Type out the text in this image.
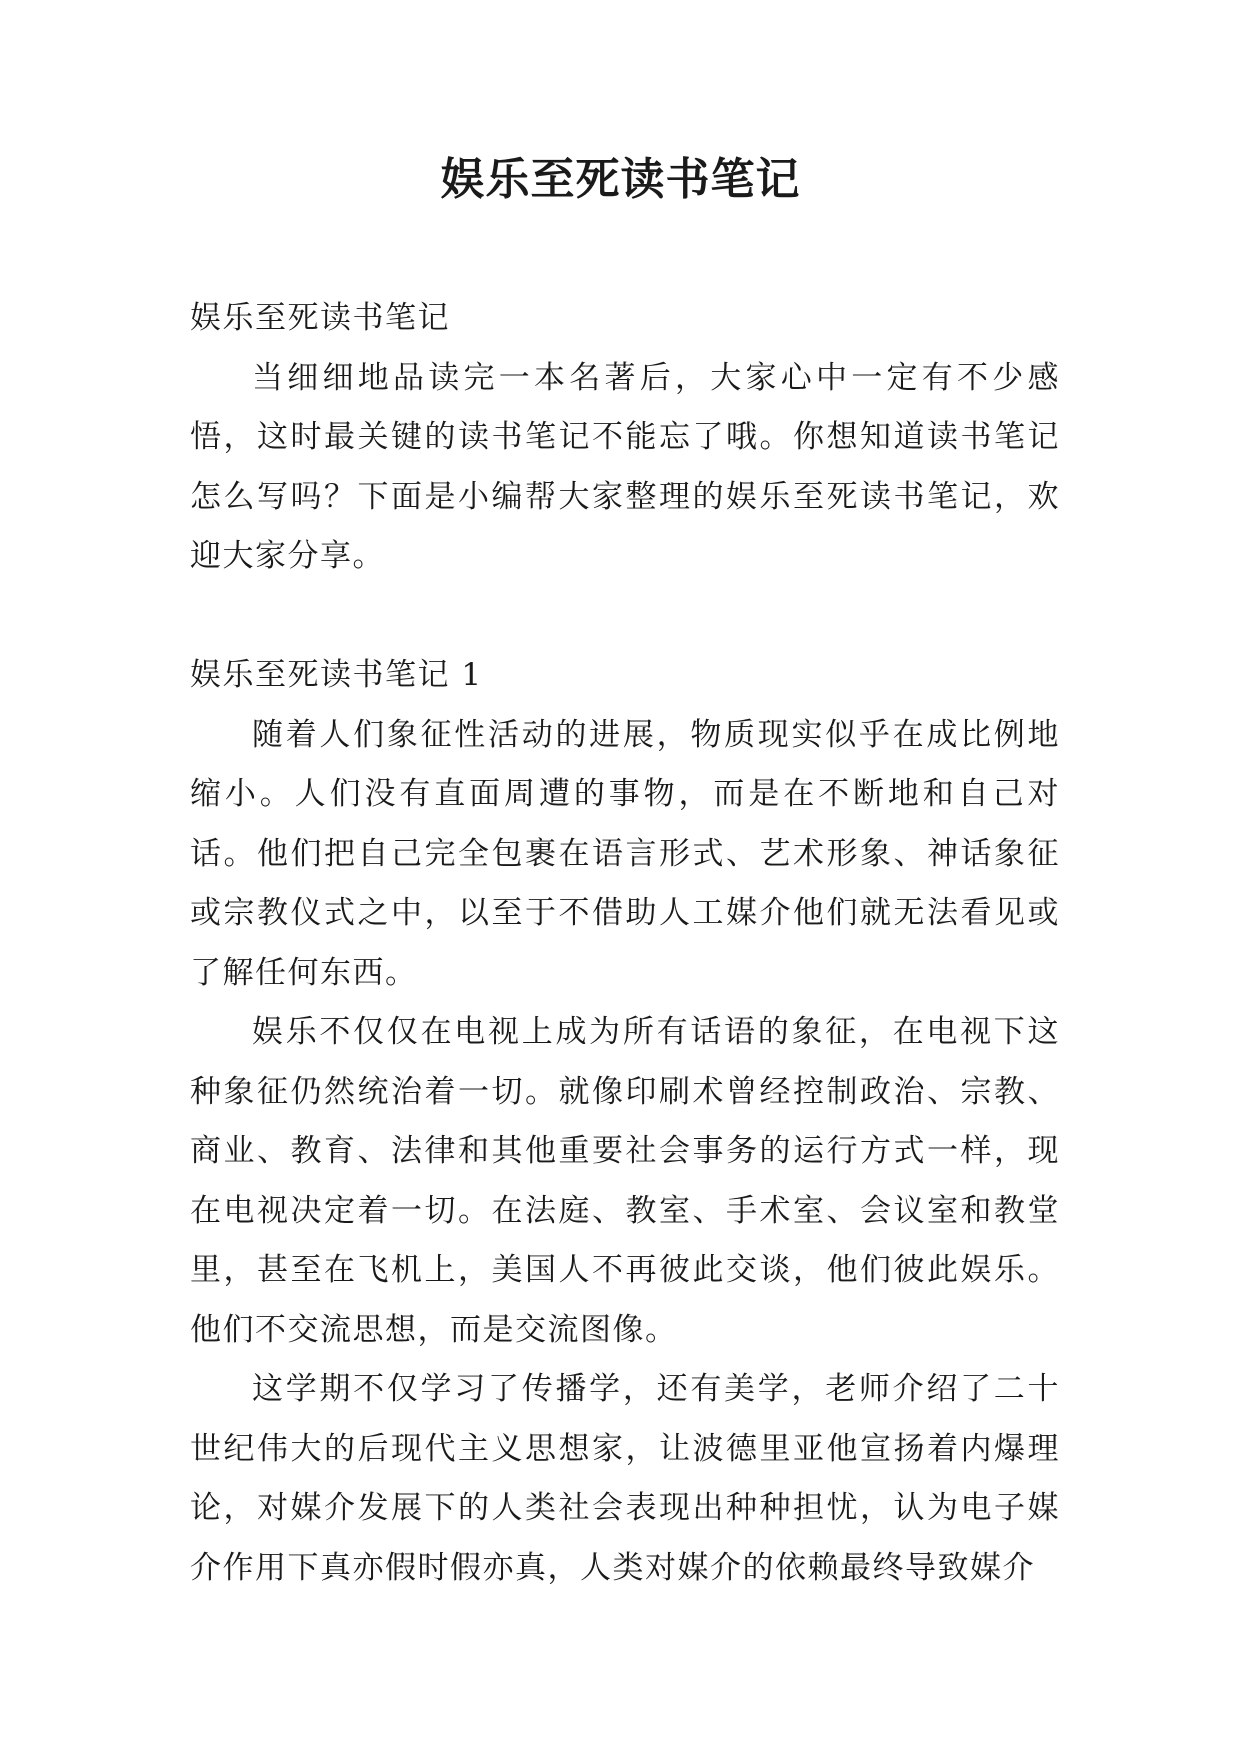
娱乐至死读书笔记

娱乐至死读书笔记

当细细地品读完一本名著后，大家心中一定有不少感悟，这时最关键的读书笔记不能忘了哦。你想知道读书笔记怎么写吗？下面是小编帮大家整理的娱乐至死读书笔记，欢迎大家分享。

娱乐至死读书笔记 1

随着人们象征性活动的进展，物质现实似乎在成比例地缩小。人们没有直面周遭的事物，而是在不断地和自己对话。他们把自己完全包裹在语言形式、艺术形象、神话象征或宗教仪式之中，以至于不借助人工媒介他们就无法看见或了解任何东西。

娱乐不仅仅在电视上成为所有话语的象征，在电视下这种象征仍然统治着一切。就像印刷术曾经控制政治、宗教、商业、教育、法律和其他重要社会事务的运行方式一样，现在电视决定着一切。在法庭、教室、手术室、会议室和教堂里，甚至在飞机上，美国人不再彼此交谈，他们彼此娱乐。他们不交流思想，而是交流图像。

这学期不仅学习了传播学，还有美学，老师介绍了二十世纪伟大的后现代主义思想家，让波德里亚他宣扬着内爆理论，对媒介发展下的人类社会表现出种种担忧，认为电子媒介作用下真亦假时假亦真，人类对媒介的依赖最终导致媒介
